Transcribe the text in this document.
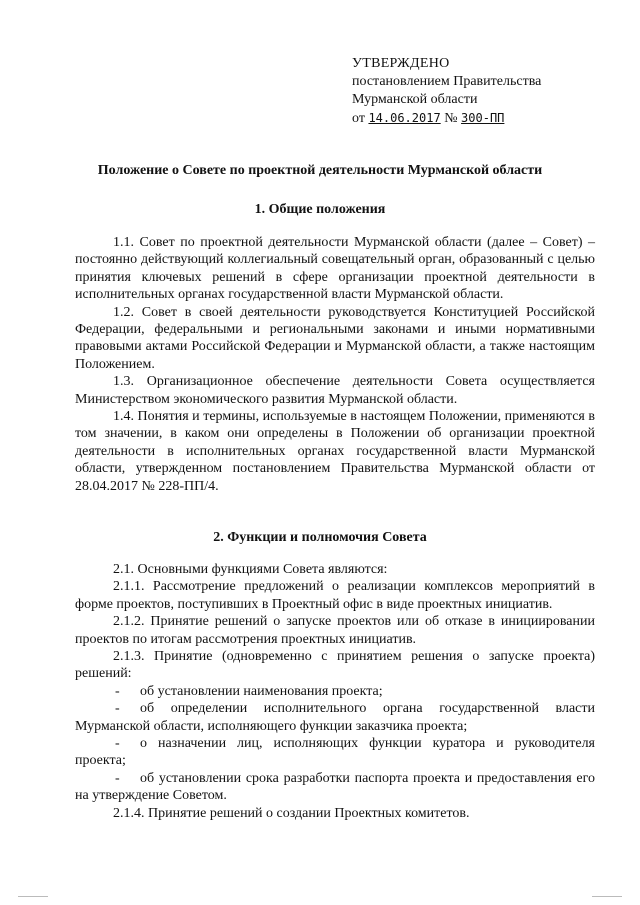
УТВЕРЖДЕНО
постановлением Правительства
Мурманской области
от 14.06.2017 № 300-ПП
Положение о Совете по проектной деятельности Мурманской области
1. Общие положения

1.1. Совет по проектной деятельности Мурманской области (далее – Совет) – постоянно действующий коллегиальный совещательный орган, образованный с целью принятия ключевых решений в сфере организации проектной деятельности в исполнительных органах государственной власти Мурманской области.

1.2. Совет в своей деятельности руководствуется Конституцией Российской Федерации, федеральными и региональными законами и иными нормативными правовыми актами Российской Федерации и Мурманской области, а также настоящим Положением.

1.3. Организационное обеспечение деятельности Совета осуществляется Министерством экономического развития Мурманской области.

1.4. Понятия и термины, используемые в настоящем Положении, применяются в том значении, в каком они определены в Положении об организации проектной деятельности в исполнительных органах государственной власти Мурманской области, утвержденном постановлением Правительства Мурманской области от 28.04.2017 № 228-ПП/4.

2. Функции и полномочия Совета

2.1. Основными функциями Совета являются:

2.1.1. Рассмотрение предложений о реализации комплексов мероприятий в форме проектов, поступивших в Проектный офис в виде проектных инициатив.

2.1.2. Принятие решений о запуске проектов или об отказе в инициировании проектов по итогам рассмотрения проектных инициатив.

2.1.3. Принятие (одновременно с принятием решения о запуске проекта) решений:

- об установлении наименования проекта;

- об определении исполнительного органа государственной власти Мурманской области, исполняющего функции заказчика проекта;

- о назначении лиц, исполняющих функции куратора и руководителя проекта;

- об установлении срока разработки паспорта проекта и предоставления его на утверждение Советом.

2.1.4. Принятие решений о создании Проектных комитетов.
